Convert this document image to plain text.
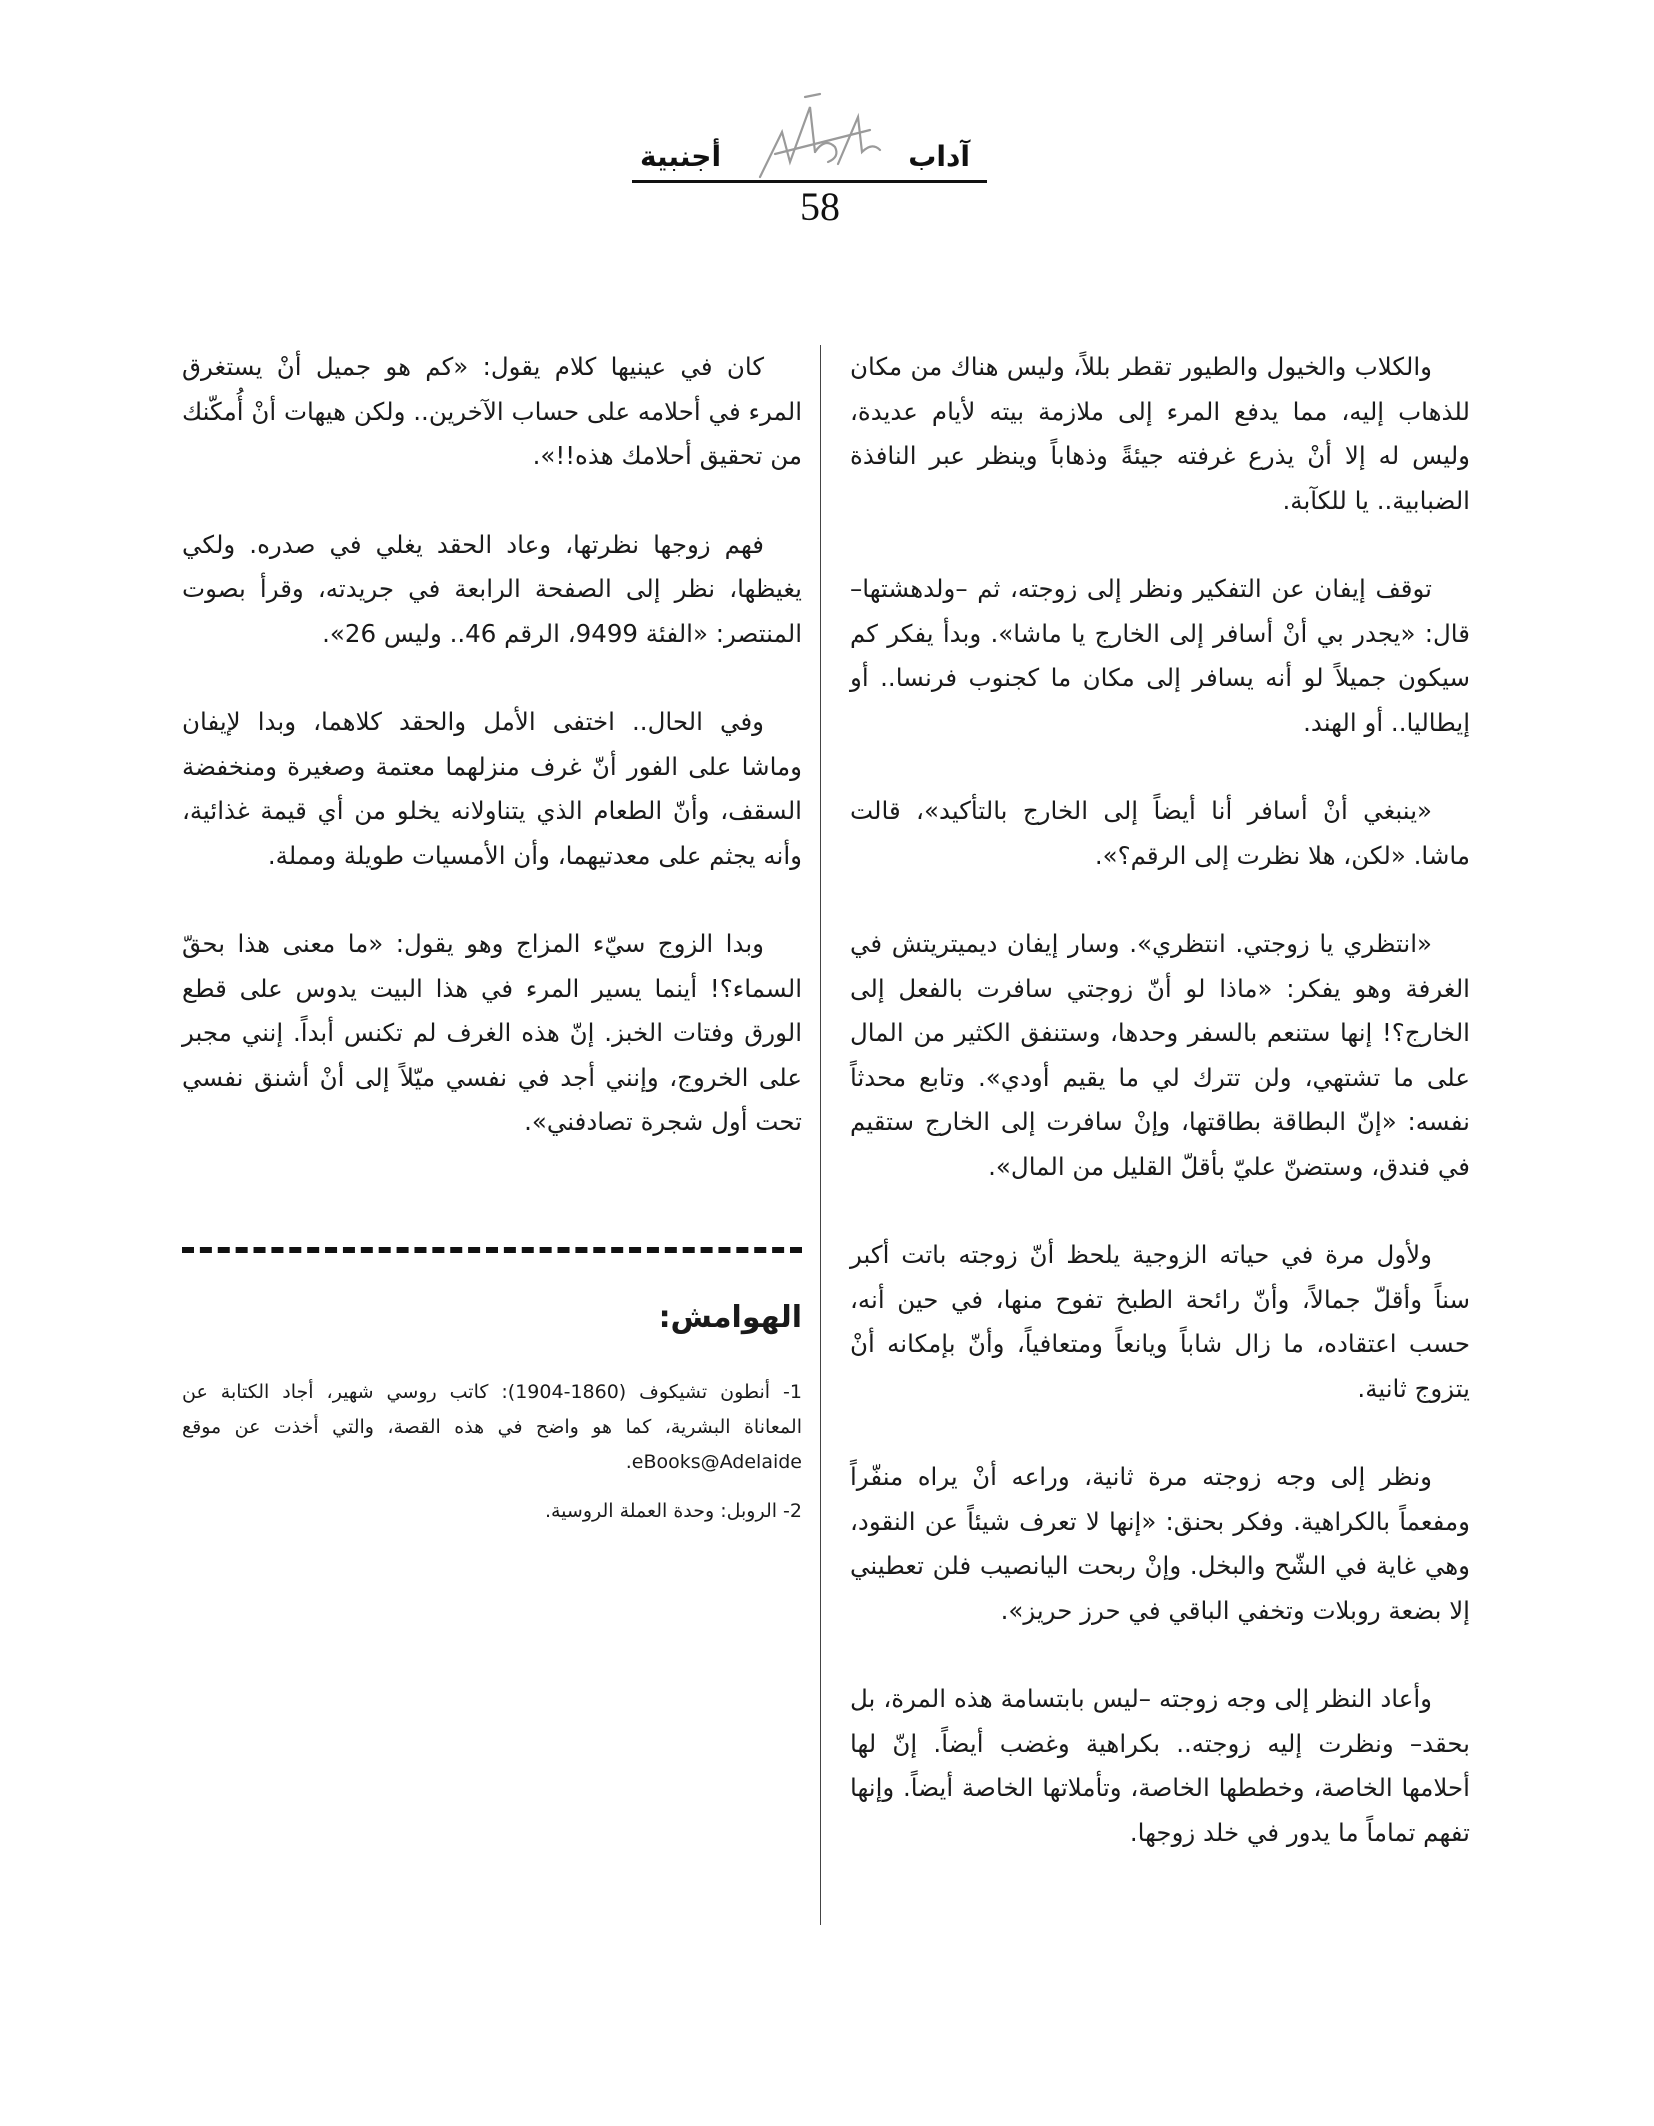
أجنبية	آداب
58

والكلاب والخيول والطيور تقطر بللاً، وليس هناك من مكان للذهاب إليه، مما يدفع المرء إلى ملازمة بيته لأيام عديدة، وليس له إلا أنْ يذرع غرفته جيئةً وذهاباً وينظر عبر النافذة الضبابية.. يا للكآبة.

توقف إيفان عن التفكير ونظر إلى زوجته، ثم –ولدهشتها– قال: «يجدر بي أنْ أسافر إلى الخارج يا ماشا». وبدأ يفكر كم سيكون جميلاً لو أنه يسافر إلى مكان ما كجنوب فرنسا.. أو إيطاليا.. أو الهند.

«ينبغي أنْ أسافر أنا أيضاً إلى الخارج بالتأكيد»، قالت ماشا. «لكن، هلا نظرت إلى الرقم؟».

«انتظري يا زوجتي. انتظري». وسار إيفان ديميتريتش في الغرفة وهو يفكر: «ماذا لو أنّ زوجتي سافرت بالفعل إلى الخارج؟! إنها ستنعم بالسفر وحدها، وستنفق الكثير من المال على ما تشتهي، ولن تترك لي ما يقيم أودي». وتابع محدثاً نفسه: «إنّ البطاقة بطاقتها، وإنْ سافرت إلى الخارج ستقيم في فندق، وستضنّ عليّ بأقلّ القليل من المال».

ولأول مرة في حياته الزوجية يلحظ أنّ زوجته باتت أكبر سناً وأقلّ جمالاً، وأنّ رائحة الطبخ تفوح منها، في حين أنه، حسب اعتقاده، ما زال شاباً ويانعاً ومتعافياً، وأنّ بإمكانه أنْ يتزوج ثانية.

ونظر إلى وجه زوجته مرة ثانية، وراعه أنْ يراه منفّراً ومفعماً بالكراهية. وفكر بحنق: «إنها لا تعرف شيئاً عن النقود، وهي غاية في الشّح والبخل. وإنْ ربحت اليانصيب فلن تعطيني إلا بضعة روبلات وتخفي الباقي في حرز حريز».

وأعاد النظر إلى وجه زوجته –ليس بابتسامة هذه المرة، بل بحقد– ونظرت إليه زوجته.. بكراهية وغضب أيضاً. إنّ لها أحلامها الخاصة، وخططها الخاصة، وتأملاتها الخاصة أيضاً. وإنها تفهم تماماً ما يدور في خلد زوجها.

كان في عينيها كلام يقول: «كم هو جميل أنْ يستغرق المرء في أحلامه على حساب الآخرين.. ولكن هيهات أنْ أُمكّنك من تحقيق أحلامك هذه!!».

فهم زوجها نظرتها، وعاد الحقد يغلي في صدره. ولكي يغيظها، نظر إلى الصفحة الرابعة في جريدته، وقرأ بصوت المنتصر: «الفئة 9499، الرقم 46.. وليس 26».

وفي الحال.. اختفى الأمل والحقد كلاهما، وبدا لإيفان وماشا على الفور أنّ غرف منزلهما معتمة وصغيرة ومنخفضة السقف، وأنّ الطعام الذي يتناولانه يخلو من أي قيمة غذائية، وأنه يجثم على معدتيهما، وأن الأمسيات طويلة ومملة.

وبدا الزوج سيّء المزاج وهو يقول: «ما معنى هذا بحقّ السماء؟! أينما يسير المرء في هذا البيت يدوس على قطع الورق وفتات الخبز. إنّ هذه الغرف لم تكنس أبداً. إنني مجبر على الخروج، وإنني أجد في نفسي ميّلاً إلى أنْ أشنق نفسي تحت أول شجرة تصادفني».

الهوامش:

1- أنطون تشيكوف (1860-1904): كاتب روسي شهير، أجاد الكتابة عن المعاناة البشرية، كما هو واضح في هذه القصة، والتي أخذت عن موقع eBooks@Adelaide.

2- الروبل: وحدة العملة الروسية.
